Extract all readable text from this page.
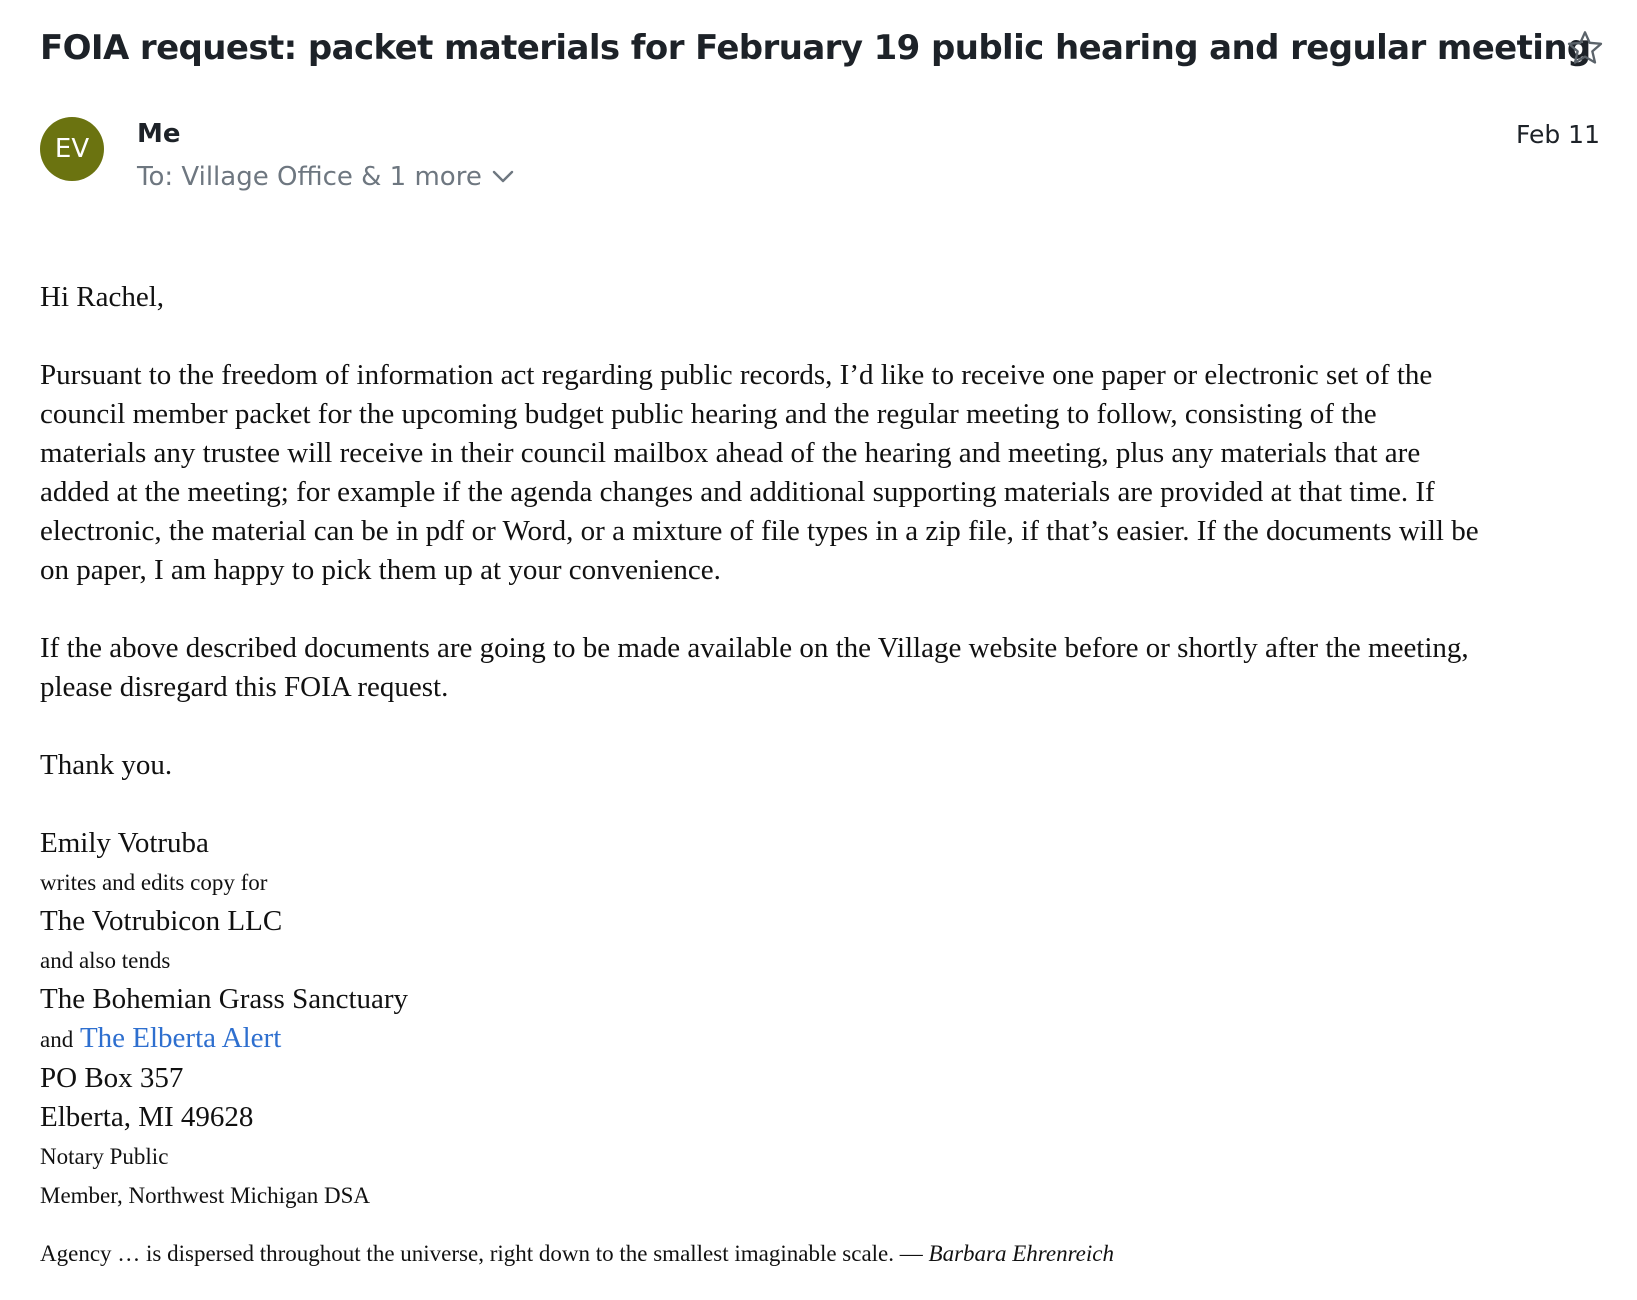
FOIA request: packet materials for February 19 public hearing and regular meeting
EV	Me	Feb 11
To: Village Office & 1 more

Hi Rachel,

Pursuant to the freedom of information act regarding public records, I’d like to receive one paper or electronic set of the

council member packet for the upcoming budget public hearing and the regular meeting to follow, consisting of the

materials any trustee will receive in their council mailbox ahead of the hearing and meeting, plus any materials that are

added at the meeting; for example if the agenda changes and additional supporting materials are provided at that time. If

electronic, the material can be in pdf or Word, or a mixture of file types in a zip file, if that’s easier. If the documents will be

on paper, I am happy to pick them up at your convenience.

If the above described documents are going to be made available on the Village website before or shortly after the meeting,

please disregard this FOIA request.

Thank you.

Emily Votruba

writes and edits copy for

The Votrubicon LLC

and also tends

The Bohemian Grass Sanctuary

and The Elberta Alert

PO Box 357

Elberta, MI 49628

Notary Public

Member, Northwest Michigan DSA

Agency … is dispersed throughout the universe, right down to the smallest imaginable scale. — Barbara Ehrenreich
